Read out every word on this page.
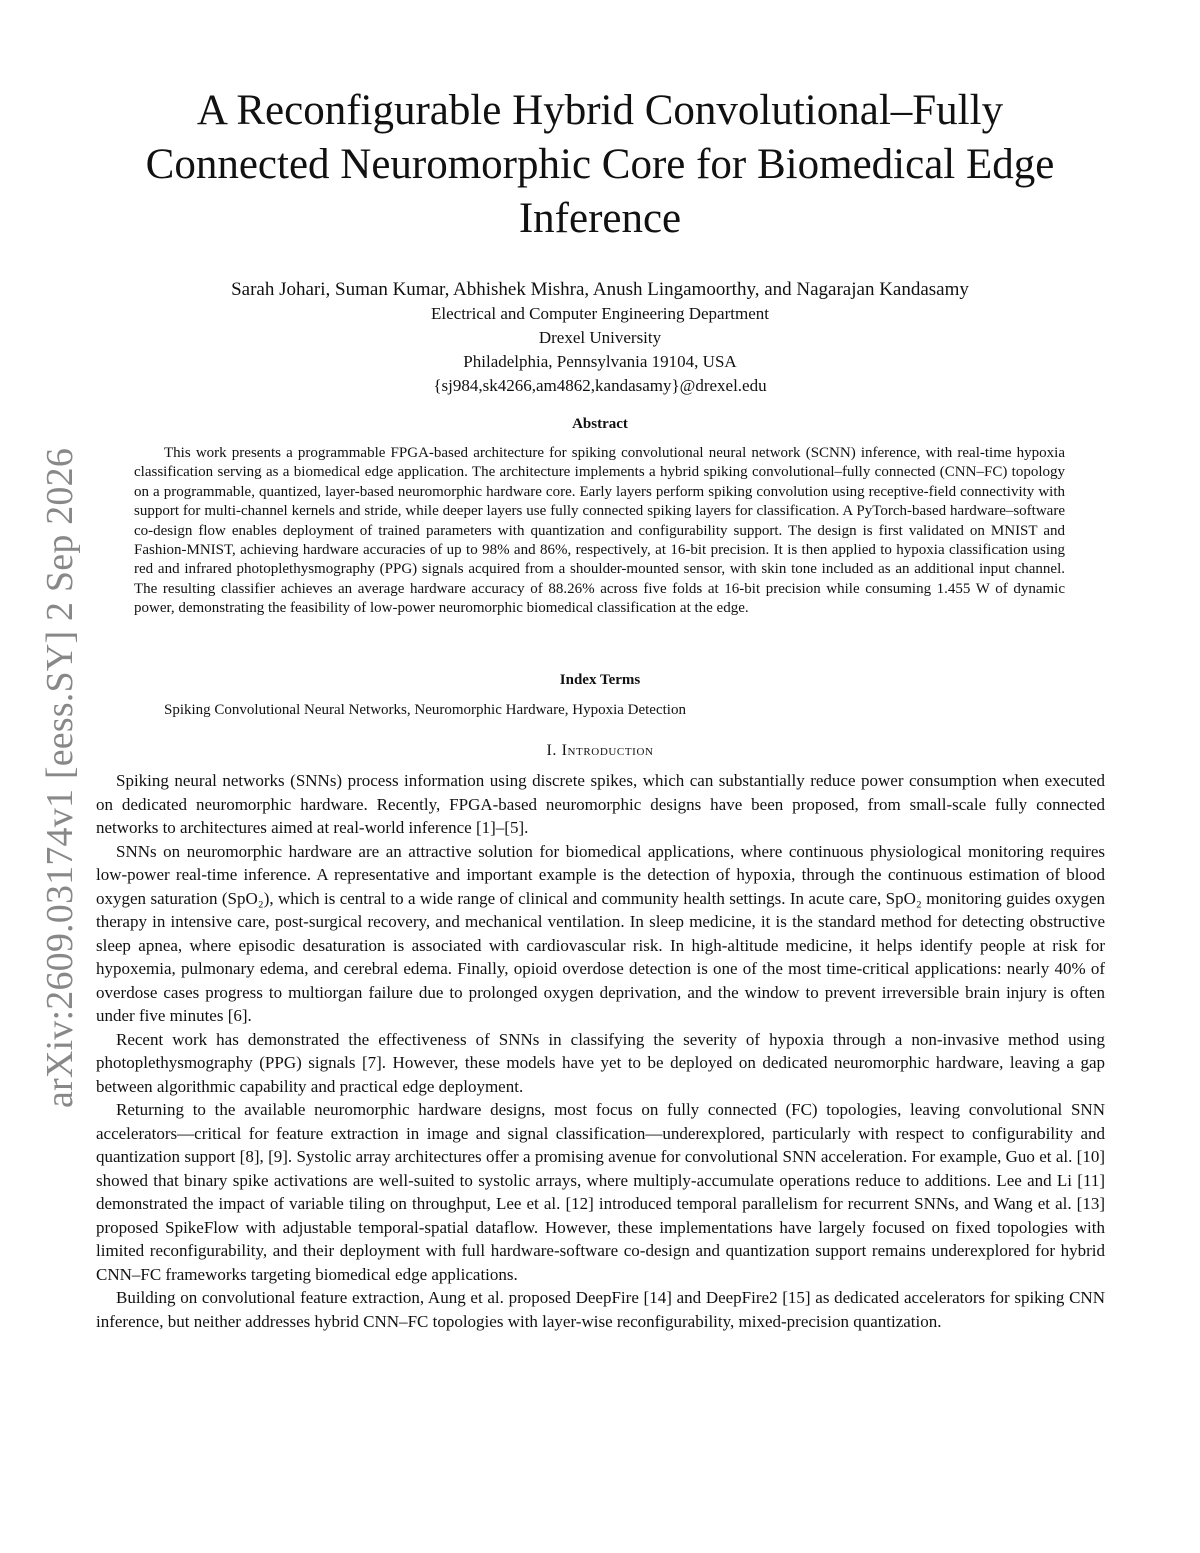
arXiv:2609.03174v1 [eess.SY] 2 Sep 2026
A Reconfigurable Hybrid Convolutional–Fully Connected Neuromorphic Core for Biomedical Edge Inference
Sarah Johari, Suman Kumar, Abhishek Mishra, Anush Lingamoorthy, and Nagarajan Kandasamy
Electrical and Computer Engineering Department
Drexel University
Philadelphia, Pennsylvania 19104, USA
{sj984,sk4266,am4862,kandasamy}@drexel.edu
Abstract

This work presents a programmable FPGA-based architecture for spiking convolutional neural network (SCNN) inference, with real-time hypoxia classification serving as a biomedical edge application. The architecture implements a hybrid spiking convolutional–fully connected (CNN–FC) topology on a programmable, quantized, layer-based neuromorphic hardware core. Early layers perform spiking convolution using receptive-field connectivity with support for multi-channel kernels and stride, while deeper layers use fully connected spiking layers for classification. A PyTorch-based hardware–software co-design flow enables deployment of trained parameters with quantization and configurability support. The design is first validated on MNIST and Fashion-MNIST, achieving hardware accuracies of up to 98% and 86%, respectively, at 16-bit precision. It is then applied to hypoxia classification using red and infrared photoplethysmography (PPG) signals acquired from a shoulder-mounted sensor, with skin tone included as an additional input channel. The resulting classifier achieves an average hardware accuracy of 88.26% across five folds at 16-bit precision while consuming 1.455 W of dynamic power, demonstrating the feasibility of low-power neuromorphic biomedical classification at the edge.

Index Terms
Spiking Convolutional Neural Networks, Neuromorphic Hardware, Hypoxia Detection
I. Introduction

Spiking neural networks (SNNs) process information using discrete spikes, which can substantially reduce power consumption when executed on dedicated neuromorphic hardware. Recently, FPGA-based neuromorphic designs have been proposed, from small-scale fully connected networks to architectures aimed at real-world inference [1]–[5].

SNNs on neuromorphic hardware are an attractive solution for biomedical applications, where continuous physiological monitoring requires low-power real-time inference. A representative and important example is the detection of hypoxia, through the continuous estimation of blood oxygen saturation (SpO₂), which is central to a wide range of clinical and community health settings. In acute care, SpO₂ monitoring guides oxygen therapy in intensive care, post-surgical recovery, and mechanical ventilation. In sleep medicine, it is the standard method for detecting obstructive sleep apnea, where episodic desaturation is associated with cardiovascular risk. In high-altitude medicine, it helps identify people at risk for hypoxemia, pulmonary edema, and cerebral edema. Finally, opioid overdose detection is one of the most time-critical applications: nearly 40% of overdose cases progress to multiorgan failure due to prolonged oxygen deprivation, and the window to prevent irreversible brain injury is often under five minutes [6].

Recent work has demonstrated the effectiveness of SNNs in classifying the severity of hypoxia through a non-invasive method using photoplethysmography (PPG) signals [7]. However, these models have yet to be deployed on dedicated neuromorphic hardware, leaving a gap between algorithmic capability and practical edge deployment.

Returning to the available neuromorphic hardware designs, most focus on fully connected (FC) topologies, leaving convolutional SNN accelerators—critical for feature extraction in image and signal classification—underexplored, particularly with respect to configurability and quantization support [8], [9]. Systolic array architectures offer a promising avenue for convolutional SNN acceleration. For example, Guo et al. [10] showed that binary spike activations are well-suited to systolic arrays, where multiply-accumulate operations reduce to additions. Lee and Li [11] demonstrated the impact of variable tiling on throughput, Lee et al. [12] introduced temporal parallelism for recurrent SNNs, and Wang et al. [13] proposed SpikeFlow with adjustable temporal-spatial dataflow. However, these implementations have largely focused on fixed topologies with limited reconfigurability, and their deployment with full hardware-software co-design and quantization support remains underexplored for hybrid CNN–FC frameworks targeting biomedical edge applications.

Building on convolutional feature extraction, Aung et al. proposed DeepFire [14] and DeepFire2 [15] as dedicated accelerators for spiking CNN inference, but neither addresses hybrid CNN–FC topologies with layer-wise reconfigurability, mixed-precision quantization.
